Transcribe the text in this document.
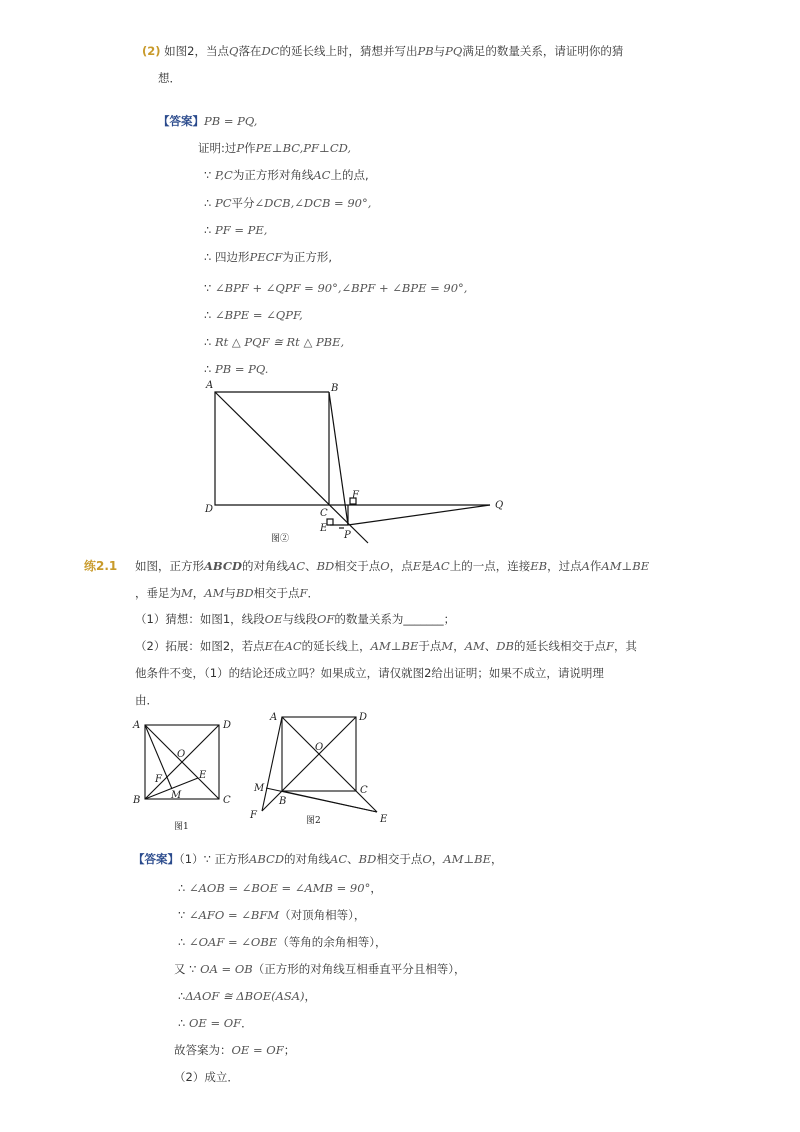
(2) 如图2，当点Q落在DC的延长线上时，猜想并写出PB与PQ满足的数量关系，请证明你的猜
想．
【答案】PB = PQ,
证明:过P作PE⊥BC,PF⊥CD,
∵ P,C为正方形对角线AC上的点,
∴ PC平分∠DCB,∠DCB = 90°,
∴ PF = PE,
∴ 四边形PECF为正方形,
∵ ∠BPF + ∠QPF = 90°,∠BPF + ∠BPE = 90°,
∴ ∠BPE = ∠QPF,
∴ Rt △ PQF ≅ Rt △ PBE,
∴ PB = PQ.
A	B
D	C
F
E
P
Q
图②
练2.1 如图，正方形ABCD的对角线AC、BD相交于点O，点E是AC上的一点，连接EB，过点A作AM⊥BE
，垂足为M，AM与BD相交于点F．
（1）猜想：如图1，线段OE与线段OF的数量关系为_______；
（2）拓展：如图2，若点E在AC的延长线上，AM⊥BE于点M，AM、DB的延长线相交于点F，其
他条件不变，（1）的结论还成立吗？如果成立，请仅就图2给出证明；如果不成立，请说明理
由．
A	D
B	C
O
E
F
M
图1
A	D
O
M
B
C
F	E
图2
【答案】（1）∵ 正方形ABCD的对角线AC、BD相交于点O，AM⊥BE，
∴ ∠AOB = ∠BOE = ∠AMB = 90°，
∵ ∠AFO = ∠BFM（对顶角相等），
∴ ∠OAF = ∠OBE（等角的余角相等），
又 ∵ OA = OB（正方形的对角线互相垂直平分且相等），
∴ΔAOF ≅ ΔBOE(ASA)，
∴ OE = OF．
故答案为：OE = OF；
（2）成立．
